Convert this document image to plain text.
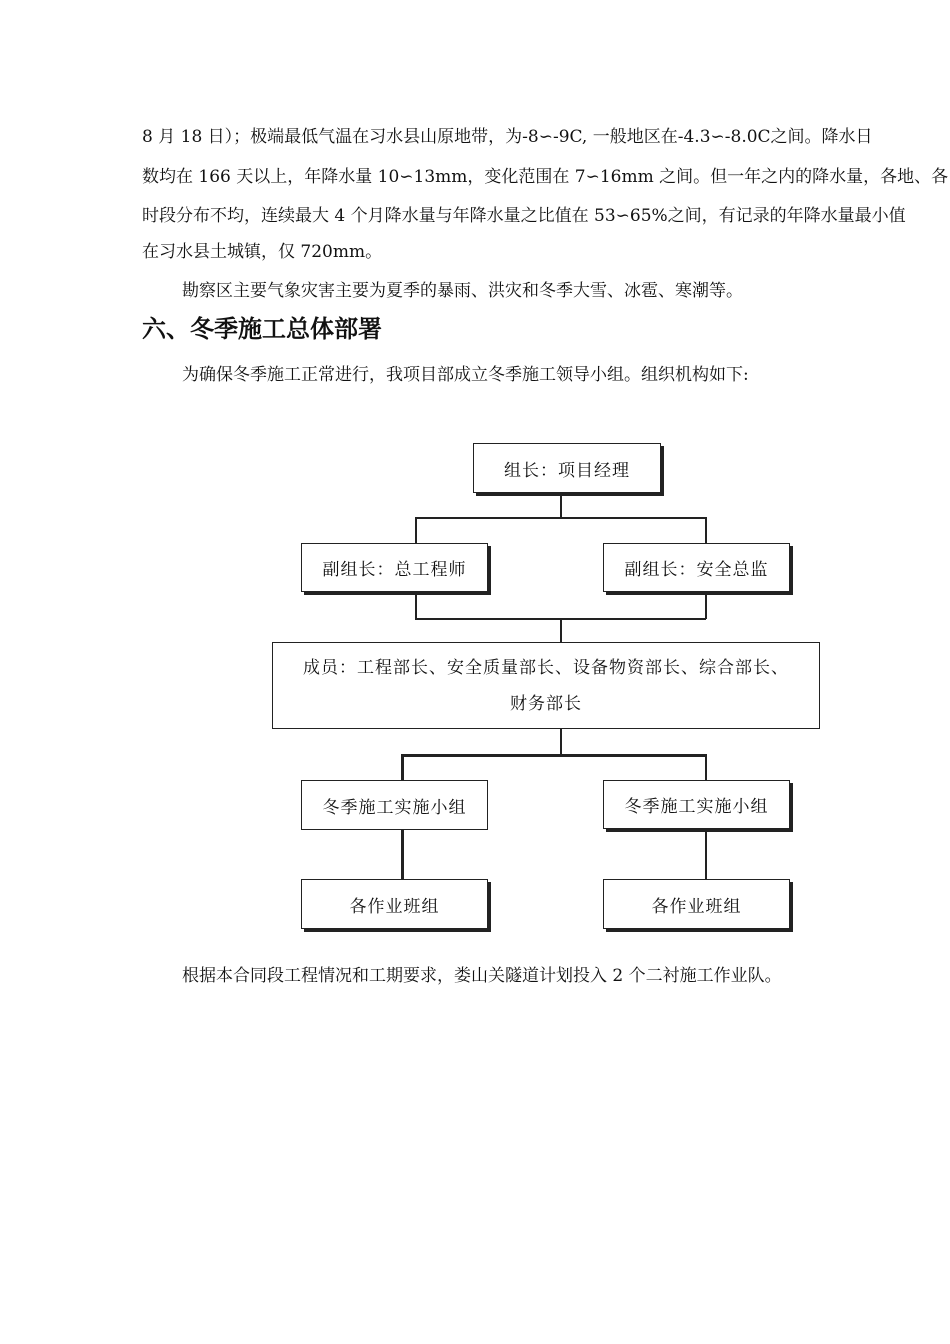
8 月 18 日）；极端最低气温在习水县山原地带，为-8∽-9C, 一般地区在-4.3∽-8.0C之间。降水日

数均在 166 天以上，年降水量 10∽13mm，变化范围在 7∽16mm 之间。但一年之内的降水量，各地、各

时段分布不均，连续最大 4 个月降水量与年降水量之比值在 53∽65%之间，有记录的年降水量最小值

在习水县土城镇，仅 720mm。

勘察区主要气象灾害主要为夏季的暴雨、洪灾和冬季大雪、冰雹、寒潮等。

六、冬季施工总体部署

为确保冬季施工正常进行，我项目部成立冬季施工领导小组。组织机构如下:

组长：项目经理
副组长：总工程师	副组长：安全总监
成员：工程部长、安全质量部长、设备物资部长、综合部长、
财务部长
冬季施工实施小组	冬季施工实施小组
各作业班组	各作业班组

根据本合同段工程情况和工期要求，娄山关隧道计划投入 2 个二衬施工作业队。
